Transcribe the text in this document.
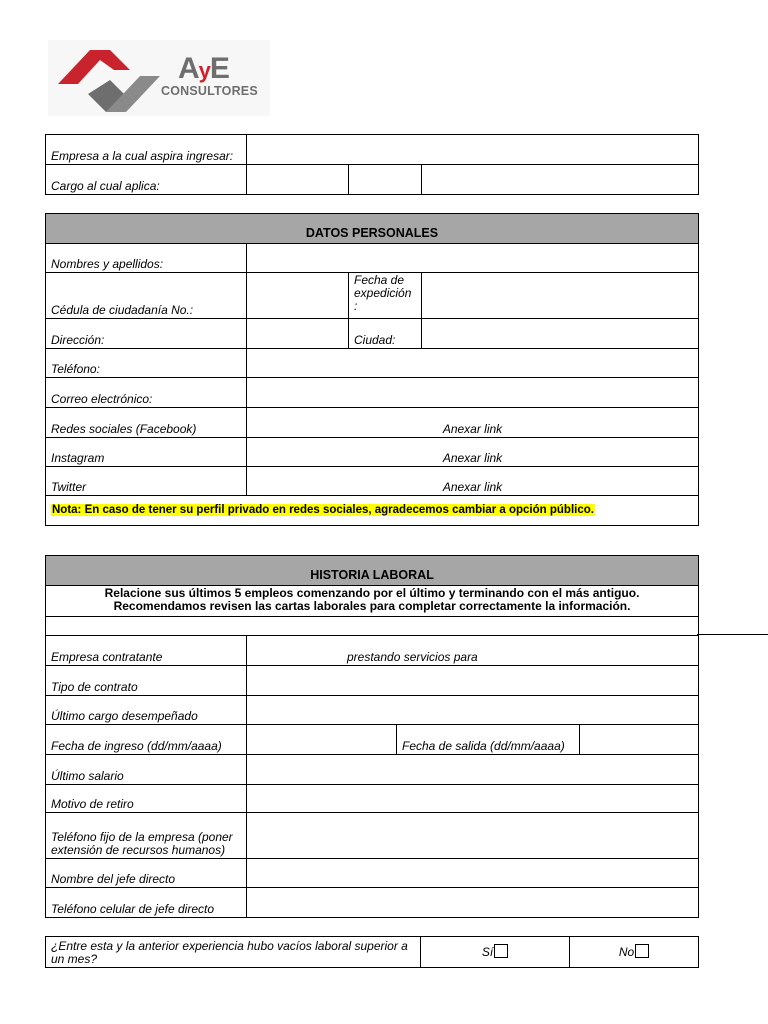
AyE
CONSULTORES
Empresa a la cual aspira ingresar:			
Cargo al cual aplica:			
DATOS PERSONALES			
Nombres y apellidos:			
Cédula de ciudadanía No.:		Fecha de expedición :	
Dirección:		Ciudad:	
Teléfono:			
Correo electrónico:			
Redes sociales (Facebook)	Anexar link		
Instagram	Anexar link		
Twitter	Anexar link		
Nota: En caso de tener su perfil privado en redes sociales, agradecemos cambiar a opción público.			
HISTORIA LABORAL			

Relacione sus últimos 5 empleos comenzando por el último y terminando con el más antiguo.
Recomendamos revisen las cartas laborales para completar correctamente la información.			

Empresa contratante	prestando servicios para		
Tipo de contrato			
Último cargo desempeñado			
Fecha de ingreso (dd/mm/aaaa)		Fecha de salida (dd/mm/aaaa)	
Último salario			
Motivo de retiro			
Teléfono fijo de la empresa (poner extensión de recursos humanos)			
Nombre del jefe directo			
Teléfono celular de jefe directo			
¿Entre esta y la anterior experiencia hubo vacíos laboral superior a un mes?	Sí	No
